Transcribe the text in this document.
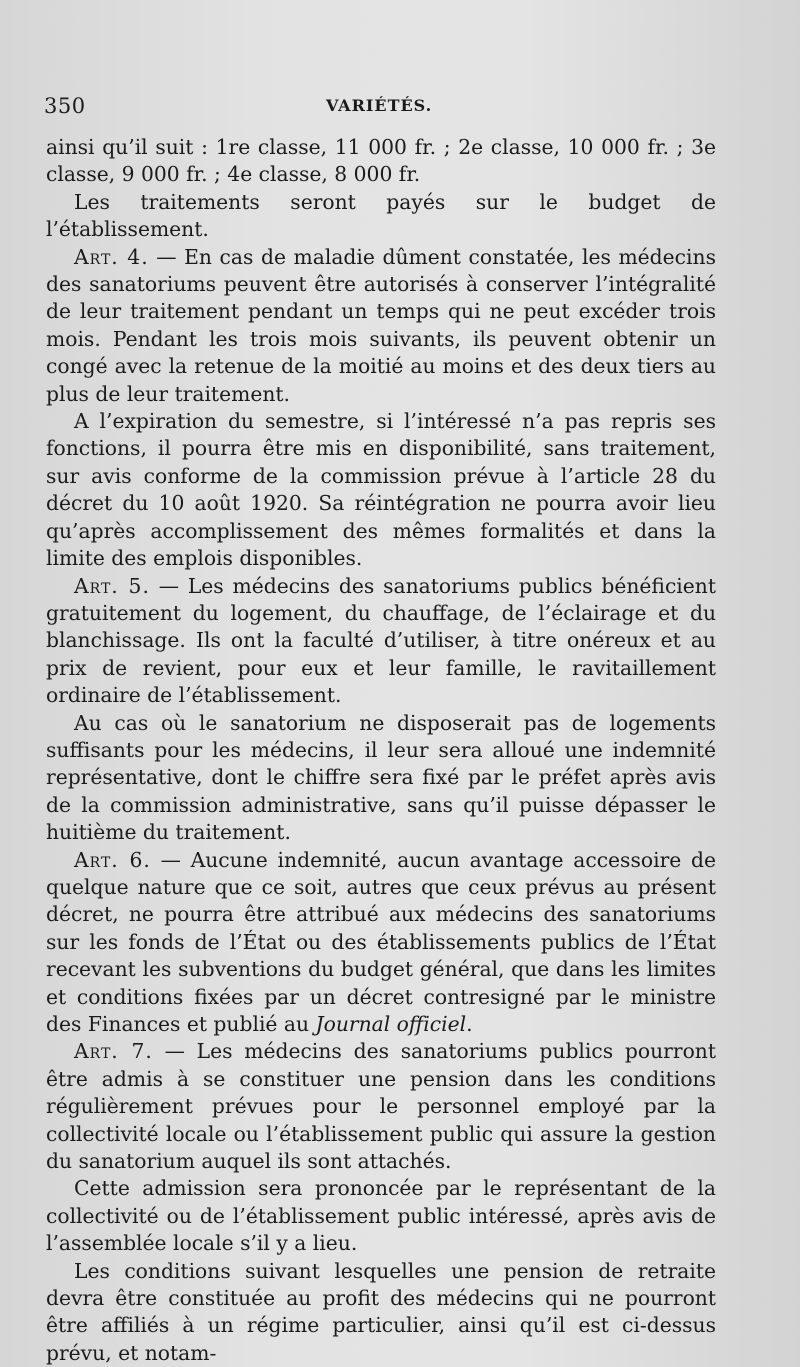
350	VARIÉTÉS.

ainsi qu’il suit : 1re classe, 11 000 fr. ; 2e classe, 10 000 fr. ; 3e classe, 9 000 fr. ; 4e classe, 8 000 fr.

Les traitements seront payés sur le budget de l’établissement.

Art. 4. — En cas de maladie dûment constatée, les médecins des sanatoriums peuvent être autorisés à conserver l’intégralité de leur traitement pendant un temps qui ne peut excéder trois mois. Pendant les trois mois suivants, ils peuvent obtenir un congé avec la retenue de la moitié au moins et des deux tiers au plus de leur traitement.

A l’expiration du semestre, si l’intéressé n’a pas repris ses fonctions, il pourra être mis en disponibilité, sans traitement, sur avis conforme de la commission prévue à l’article 28 du décret du 10 août 1920. Sa réintégration ne pourra avoir lieu qu’après accomplissement des mêmes formalités et dans la limite des emplois disponibles.

Art. 5. — Les médecins des sanatoriums publics bénéficient gratuitement du logement, du chauffage, de l’éclairage et du blanchissage. Ils ont la faculté d’utiliser, à titre onéreux et au prix de revient, pour eux et leur famille, le ravitaillement ordinaire de l’établissement.

Au cas où le sanatorium ne disposerait pas de logements suffisants pour les médecins, il leur sera alloué une indemnité représentative, dont le chiffre sera fixé par le préfet après avis de la commission administrative, sans qu’il puisse dépasser le huitième du traitement.

Art. 6. — Aucune indemnité, aucun avantage accessoire de quelque nature que ce soit, autres que ceux prévus au présent décret, ne pourra être attribué aux médecins des sanatoriums sur les fonds de l’État ou des établissements publics de l’État recevant les subventions du budget général, que dans les limites et conditions fixées par un décret contresigné par le ministre des Finances et publié au Journal officiel.

Art. 7. — Les médecins des sanatoriums publics pourront être admis à se constituer une pension dans les conditions régulièrement prévues pour le personnel employé par la collectivité locale ou l’établissement public qui assure la gestion du sanatorium auquel ils sont attachés.

Cette admission sera prononcée par le représentant de la collectivité ou de l’établissement public intéressé, après avis de l’assemblée locale s’il y a lieu.

Les conditions suivant lesquelles une pension de retraite devra être constituée au profit des médecins qui ne pourront être affiliés à un régime particulier, ainsi qu’il est ci-dessus prévu, et notam-
